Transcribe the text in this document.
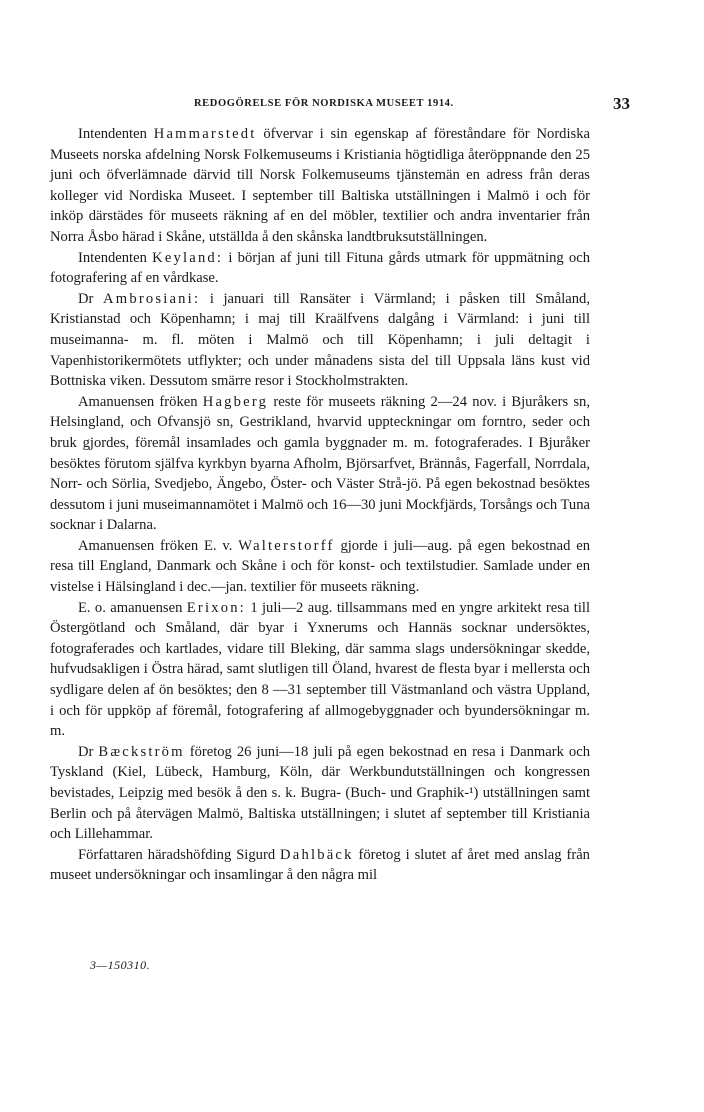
REDOGÖRELSE FÖR NORDISKA MUSEET 1914.	33

Intendenten Hammarstedt öfvervar i sin egenskap af föreståndare för Nordiska Museets norska afdelning Norsk Folkemuseums i Kristiania högtidliga återöppnande den 25 juni och öfverlämnade därvid till Norsk Folkemuseums tjänstemän en adress från deras kolleger vid Nordiska Museet. I september till Baltiska utställningen i Malmö i och för inköp därstädes för museets räkning af en del möbler, textilier och andra inventarier från Norra Åsbo härad i Skåne, utställda å den skånska landtbruksutställningen.

Intendenten Keyland: i början af juni till Fituna gårds utmark för uppmätning och fotografering af en vårdkase.

Dr Ambrosiani: i januari till Ransäter i Värmland; i påsken till Småland, Kristianstad och Köpenhamn; i maj till Kraälfvens dalgång i Värmland: i juni till museimanna- m. fl. möten i Malmö och till Köpenhamn; i juli deltagit i Vapenhistorikermötets utflykter; och under månadens sista del till Uppsala läns kust vid Bottniska viken. Dessutom smärre resor i Stockholmstrakten.

Amanuensen fröken Hagberg reste för museets räkning 2—24 nov. i Bjuråkers sn, Helsingland, och Ofvansjö sn, Gestrikland, hvarvid uppteckningar om forntro, seder och bruk gjordes, föremål insamlades och gamla byggnader m. m. fotograferades. I Bjuråker besöktes förutom själfva kyrkbyn byarna Afholm, Björsarfvet, Brännås, Fagerfall, Norrdala, Norr- och Sörlia, Svedjebo, Ängebo, Öster- och Väster Strå-jö. På egen bekostnad besöktes dessutom i juni museimannamötet i Malmö och 16—30 juni Mockfjärds, Torsångs och Tuna socknar i Dalarna.

Amanuensen fröken E. v. Walterstorff gjorde i juli—aug. på egen bekostnad en resa till England, Danmark och Skåne i och för konst- och textilstudier. Samlade under en vistelse i Hälsingland i dec.—jan. textilier för museets räkning.

E. o. amanuensen Erixon: 1 juli—2 aug. tillsammans med en yngre arkitekt resa till Östergötland och Småland, där byar i Yxnerums och Hannäs socknar undersöktes, fotograferades och kartlades, vidare till Bleking, där samma slags undersökningar skedde, hufvudsakligen i Östra härad, samt slutligen till Öland, hvarest de flesta byar i mellersta och sydligare delen af ön besöktes; den 8 —31 september till Västmanland och västra Uppland, i och för uppköp af föremål, fotografering af allmogebyggnader och byundersökningar m. m.

Dr Bæckström företog 26 juni—18 juli på egen bekostnad en resa i Danmark och Tyskland (Kiel, Lübeck, Hamburg, Köln, där Werkbundutställningen och kongressen bevistades, Leipzig med besök å den s. k. Bugra- (Buch- und Graphik-¹) utställningen samt Berlin och på återvägen Malmö, Baltiska utställningen; i slutet af september till Kristiania och Lillehammar.

Författaren häradshöfding Sigurd Dahlbäck företog i slutet af året med anslag från museet undersökningar och insamlingar å den några mil

3—150310.
